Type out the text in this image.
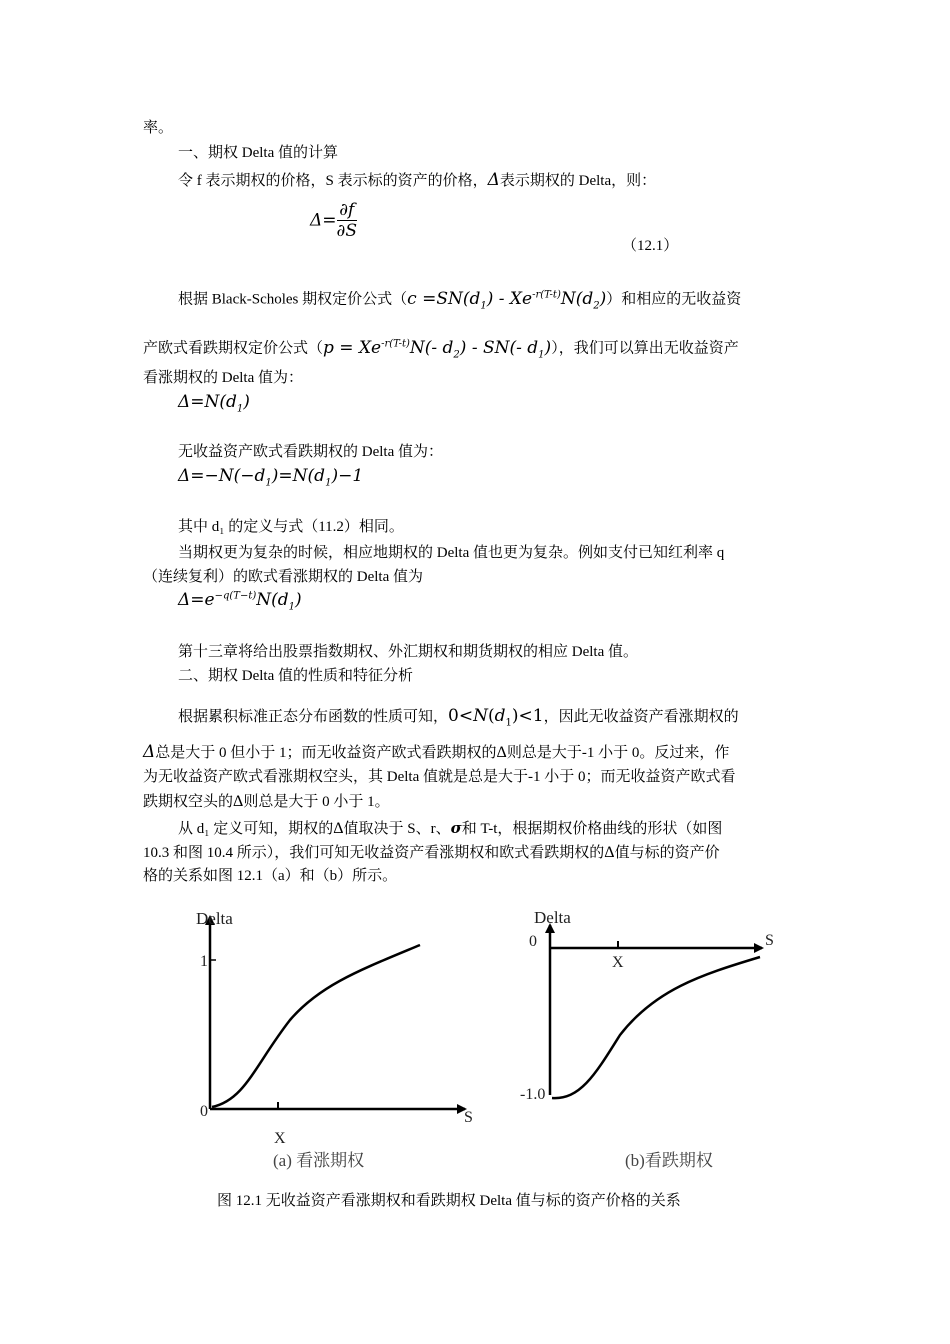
率。
一、期权 Delta 值的计算
令 f 表示期权的价格，S 表示标的资产的价格，Δ表示期权的 Delta，则：
$\Delta= \frac{\partial f}{\partial S}$
（12.1）
根据 Black-Scholes 期权定价公式$(c =SN(d_1) - Xe^{-r(T-t)}N(d_2))$和相应的无收益资
产欧式看跌期权定价公式（$p = Xe^{-r(T-t)}N(-$ $d_2) - SN(-$ $d_1$)），我们可以算出无收益资产
看涨期权的 Delta 值为：
$\Delta=N(d_1)$
无收益资产欧式看跌期权的 Delta 值为：
$\Delta=-N(-d_1)=N(d_1)-1$
其中 d₁ 的定义与式（11.2）相同。
当期权更为复杂的时候，相应地期权的 Delta 值也更为复杂。例如支付已知红利率 q
（连续复利）的欧式看涨期权的 Delta 值为
$\Delta=e^{-q(T-t)}N(d_1)$
第十三章将给出股票指数期权、外汇期权和期货期权的相应 Delta 值。
二、期权 Delta 值的性质和特征分析
根据累积标准正态分布函数的性质可知，$0<N(d_1)<1$，因此无收益资产看涨期权的
Δ总是大于 0 但小于 1；而无收益资产欧式看跌期权的Δ则总是大于-1 小于 0。反过来，作
为无收益资产欧式看涨期权空头，其 Delta 值就是总是大于-1 小于 0；而无收益资产欧式看
跌期权空头的Δ则总是大于 0 小于 1。
从 d₁ 定义可知，期权的Δ值取决于 S、r、σ和 T-t，根据期权价格曲线的形状（如图
10.3 和图 10.4 所示），我们可知无收益资产看涨期权和欧式看跌期权的Δ值与标的资产价
格的关系如图 12.1（a）和（b）所示。
Delta
1
0	S
X
(a) 看涨期权
Delta
0
-1.0
S
X
(b)看跌期权
图 12.1 无收益资产看涨期权和看跌期权 Delta 值与标的资产价格的关系
